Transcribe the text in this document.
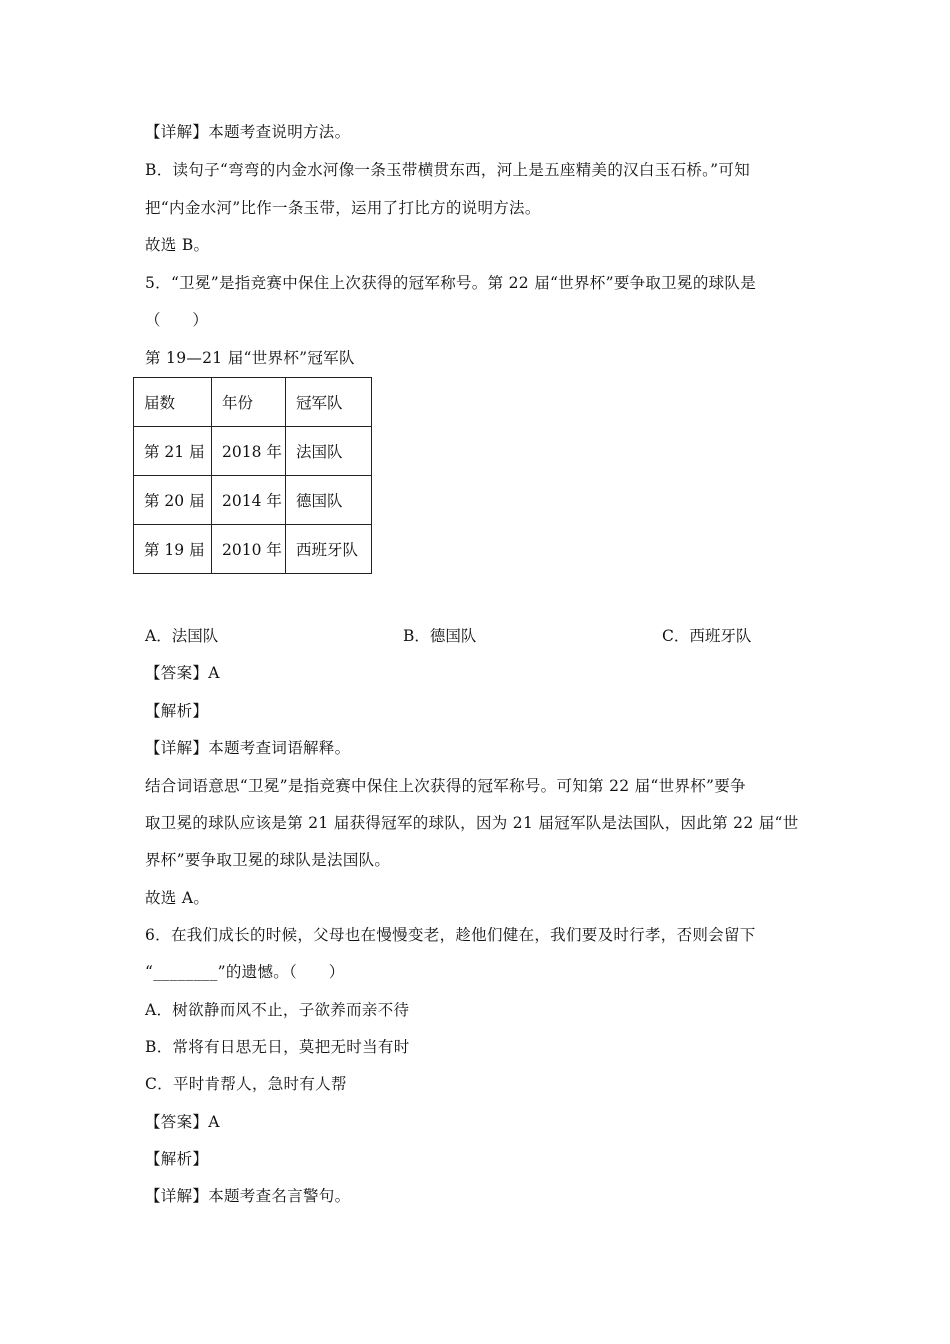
【详解】本题考查说明方法。
B．读句子“弯弯的内金水河像一条玉带横贯东西，河上是五座精美的汉白玉石桥。”可知
把“内金水河”比作一条玉带，运用了打比方的说明方法。
故选 B。
5．“卫冕”是指竞赛中保住上次获得的冠军称号。第 22 届“世界杯”要争取卫冕的球队是
（　　）
第 19—21 届“世界杯”冠军队
届数	年份	冠军队
第 21 届	2018 年	法国队
第 20 届	2014 年	德国队
第 19 届	2010 年	西班牙队
A．法国队	B．德国队	C．西班牙队
【答案】A
【解析】
【详解】本题考查词语解释。
结合词语意思“卫冕”是指竞赛中保住上次获得的冠军称号。可知第 22 届“世界杯”要争
取卫冕的球队应该是第 21 届获得冠军的球队，因为 21 届冠军队是法国队，因此第 22 届“世
界杯”要争取卫冕的球队是法国队。
故选 A。
6．在我们成长的时候，父母也在慢慢变老，趁他们健在，我们要及时行孝，否则会留下
“________”的遗憾。（　　）
A．树欲静而风不止，子欲养而亲不待
B．常将有日思无日，莫把无时当有时
C．平时肯帮人，急时有人帮
【答案】A
【解析】
【详解】本题考查名言警句。
